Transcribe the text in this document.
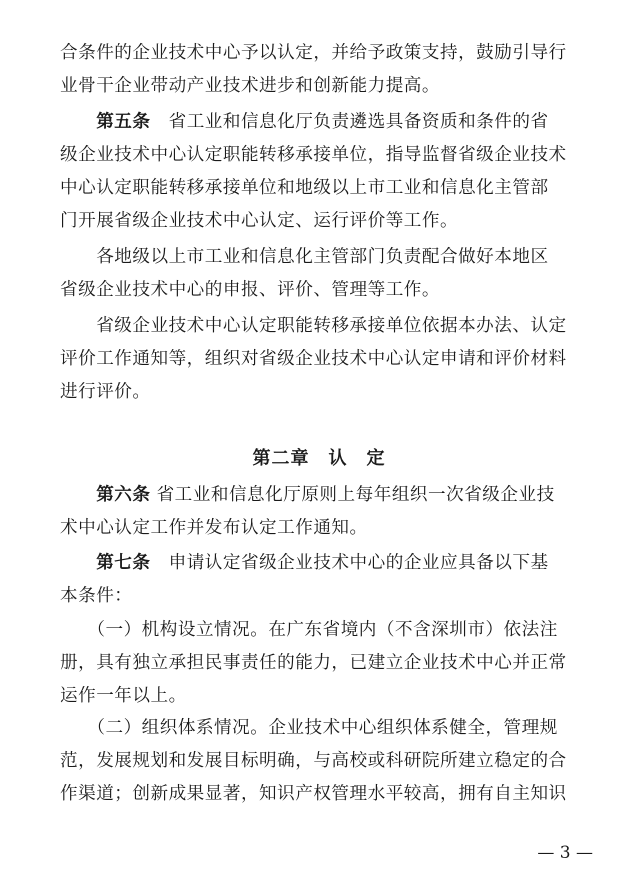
合条件的企业技术中心予以认定，并给予政策支持，鼓励引导行
业骨干企业带动产业技术进步和创新能力提高。
　　第五条　省工业和信息化厅负责遴选具备资质和条件的省
级企业技术中心认定职能转移承接单位，指导监督省级企业技术
中心认定职能转移承接单位和地级以上市工业和信息化主管部
门开展省级企业技术中心认定、运行评价等工作。
　　各地级以上市工业和信息化主管部门负责配合做好本地区
省级企业技术中心的申报、评价、管理等工作。
　　省级企业技术中心认定职能转移承接单位依据本办法、认定
评价工作通知等，组织对省级企业技术中心认定申请和评价材料
进行评价。
第二章　认　定
　　第六条 省工业和信息化厅原则上每年组织一次省级企业技
术中心认定工作并发布认定工作通知。
　　第七条　申请认定省级企业技术中心的企业应具备以下基
本条件：
　　（一）机构设立情况。在广东省境内（不含深圳市）依法注
册，具有独立承担民事责任的能力，已建立企业技术中心并正常
运作一年以上。
　　（二）组织体系情况。企业技术中心组织体系健全，管理规
范，发展规划和发展目标明确，与高校或科研院所建立稳定的合
作渠道；创新成果显著，知识产权管理水平较高，拥有自主知识
— 3 —
